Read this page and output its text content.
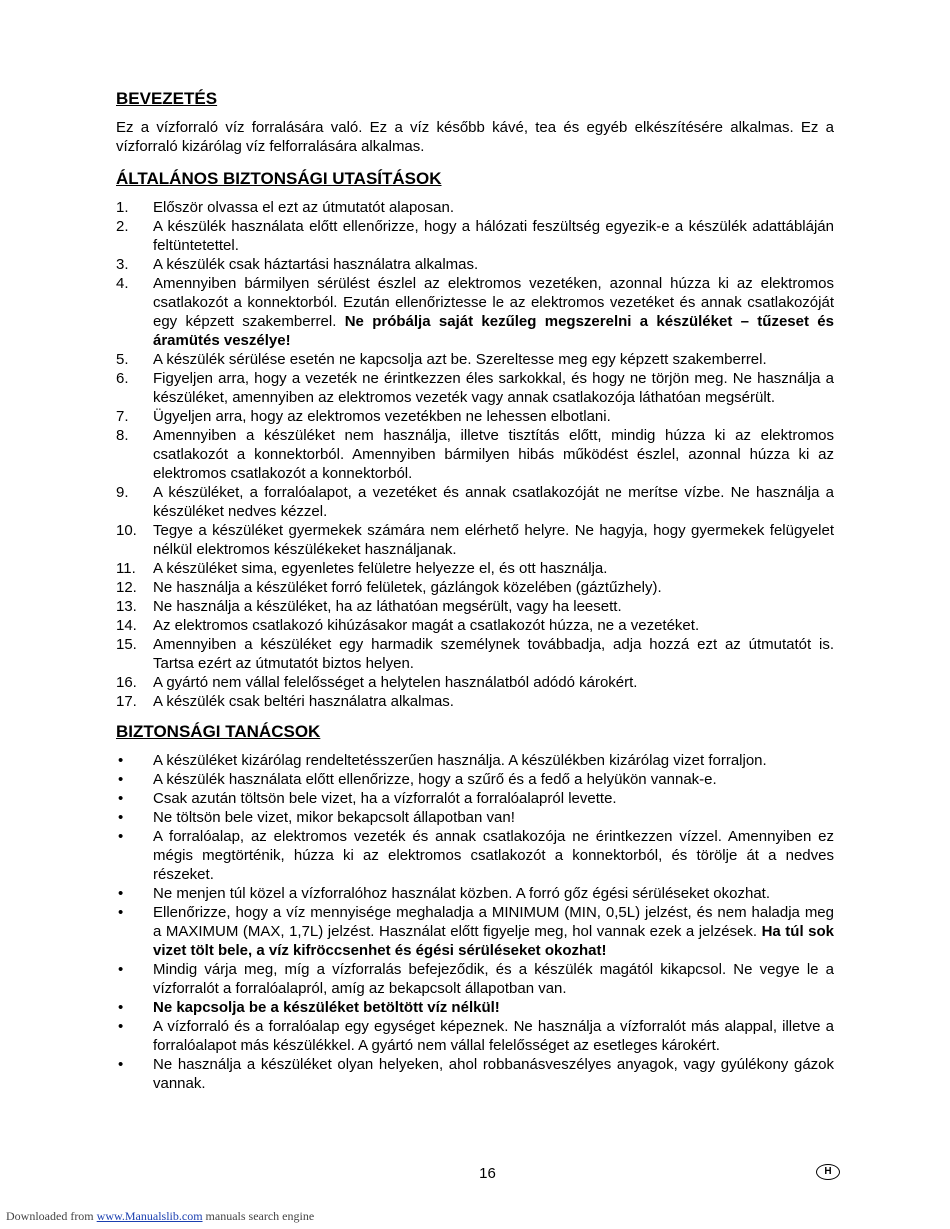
BEVEZETÉS

Ez a vízforraló víz forralására való. Ez a víz később kávé, tea és egyéb elkészítésére alkalmas. Ez a vízforraló kizárólag víz felforralására alkalmas.

ÁLTALÁNOS BIZTONSÁGI UTASÍTÁSOK
1. Először olvassa el ezt az útmutatót alaposan.
2. A készülék használata előtt ellenőrizze, hogy a hálózati feszültség egyezik-e a készülék adattábláján feltüntetettel.
3. A készülék csak háztartási használatra alkalmas.
4. Amennyiben bármilyen sérülést észlel az elektromos vezetéken, azonnal húzza ki az elektromos csatlakozót a konnektorból. Ezután ellenőriztesse le az elektromos vezetéket és annak csatlakozóját egy képzett szakemberrel. Ne próbálja saját kezűleg megszerelni a készüléket – tűzeset és áramütés veszélye!
5. A készülék sérülése esetén ne kapcsolja azt be. Szereltesse meg egy képzett szakemberrel.
6. Figyeljen arra, hogy a vezeték ne érintkezzen éles sarkokkal, és hogy ne törjön meg. Ne használja a készüléket, amennyiben az elektromos vezeték vagy annak csatlakozója láthatóan megsérült.
7. Ügyeljen arra, hogy az elektromos vezetékben ne lehessen elbotlani.
8. Amennyiben a készüléket nem használja, illetve tisztítás előtt, mindig húzza ki az elektromos csatlakozót a konnektorból. Amennyiben bármilyen hibás működést észlel, azonnal húzza ki az elektromos csatlakozót a konnektorból.
9. A készüléket, a forralóalapot, a vezetéket és annak csatlakozóját ne merítse vízbe. Ne használja a készüléket nedves kézzel.
10. Tegye a készüléket gyermekek számára nem elérhető helyre. Ne hagyja, hogy gyermekek felügyelet nélkül elektromos készülékeket használjanak.
11. A készüléket sima, egyenletes felületre helyezze el, és ott használja.
12. Ne használja a készüléket forró felületek, gázlángok közelében (gáztűzhely).
13. Ne használja a készüléket, ha az láthatóan megsérült, vagy ha leesett.
14. Az elektromos csatlakozó kihúzásakor magát a csatlakozót húzza, ne a vezetéket.
15. Amennyiben a készüléket egy harmadik személynek továbbadja, adja hozzá ezt az útmutatót is. Tartsa ezért az útmutatót biztos helyen.
16. A gyártó nem vállal felelősséget a helytelen használatból adódó károkért.
17. A készülék csak beltéri használatra alkalmas.
BIZTONSÁGI TANÁCSOK
• A készüléket kizárólag rendeltetésszerűen használja. A készülékben kizárólag vizet forraljon.
• A készülék használata előtt ellenőrizze, hogy a szűrő és a fedő a helyükön vannak-e.
• Csak azután töltsön bele vizet, ha a vízforralót a forralóalapról levette.
• Ne töltsön bele vizet, mikor bekapcsolt állapotban van!
• A forralóalap, az elektromos vezeték és annak csatlakozója ne érintkezzen vízzel. Amennyiben ez mégis megtörténik, húzza ki az elektromos csatlakozót a konnektorból, és törölje át a nedves részeket.
• Ne menjen túl közel a vízforralóhoz használat közben. A forró gőz égési sérüléseket okozhat.
• Ellenőrizze, hogy a víz mennyisége meghaladja a MINIMUM (MIN, 0,5L) jelzést, és nem haladja meg a MAXIMUM (MAX, 1,7L) jelzést. Használat előtt figyelje meg, hol vannak ezek a jelzések. Ha túl sok vizet tölt bele, a víz kifröccsenhet és égési sérüléseket okozhat!
• Mindig várja meg, míg a vízforralás befejeződik, és a készülék magától kikapcsol. Ne vegye le a vízforralót a forralóalapról, amíg az bekapcsolt állapotban van.
• Ne kapcsolja be a készüléket betöltött víz nélkül!
• A vízforraló és a forralóalap egy egységet képeznek. Ne használja a vízforralót más alappal, illetve a forralóalapot más készülékkel. A gyártó nem vállal felelősséget az esetleges károkért.
• Ne használja a készüléket olyan helyeken, ahol robbanásveszélyes anyagok, vagy gyúlékony gázok vannak.
16	H
Downloaded from www.Manualslib.com manuals search engine
